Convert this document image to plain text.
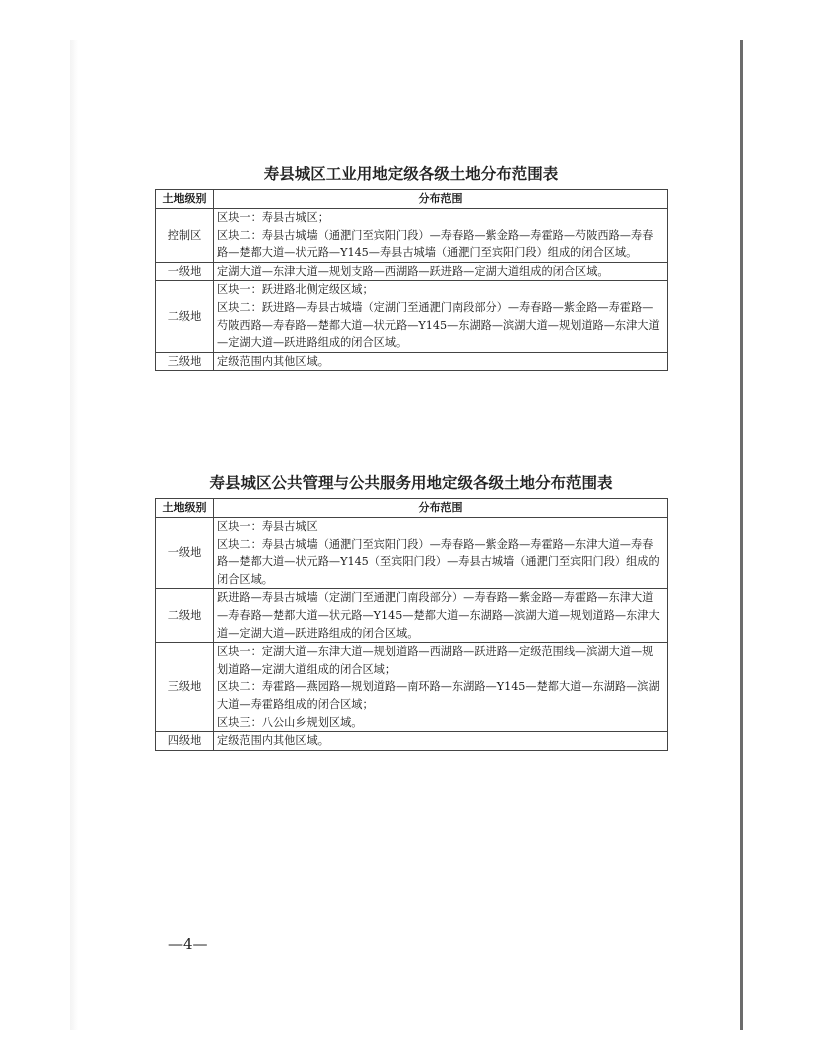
寿县城区工业用地定级各级土地分布范围表
土地级别	分布范围
控制区	区块一：寿县古城区；
区块二：寿县古城墙（通淝门至宾阳门段）—寿春路—紫金路—寿霍路—芍陂西路—寿春路—楚都大道—状元路—Y145—寿县古城墙（通淝门至宾阳门段）组成的闭合区域。

一级地	定湖大道—东津大道—规划支路—西湖路—跃进路—定湖大道组成的闭合区域。

二级地	区块一：跃进路北侧定级区域；
区块二：跃进路—寿县古城墙（定湖门至通淝门南段部分）—寿春路—紫金路—寿霍路—芍陂西路—寿春路—楚都大道—状元路—Y145—东湖路—滨湖大道—规划道路—东津大道—定湖大道—跃进路组成的闭合区域。

三级地	定级范围内其他区域。
寿县城区公共管理与公共服务用地定级各级土地分布范围表
土地级别	分布范围
一级地	区块一：寿县古城区
区块二：寿县古城墙（通淝门至宾阳门段）—寿春路—紫金路—寿霍路—东津大道—寿春路—楚都大道—状元路—Y145（至宾阳门段）—寿县古城墙（通淝门至宾阳门段）组成的闭合区域。

二级地	跃进路—寿县古城墙（定湖门至通淝门南段部分）—寿春路—紫金路—寿霍路—东津大道—寿春路—楚都大道—状元路—Y145—楚都大道—东湖路—滨湖大道—规划道路—东津大道—定湖大道—跃进路组成的闭合区域。

三级地	区块一：定湖大道—东津大道—规划道路—西湖路—跃进路—定级范围线—滨湖大道—规划道路—定湖大道组成的闭合区域；
区块二：寿霍路—燕园路—规划道路—南环路—东湖路—Y145—楚都大道—东湖路—滨湖大道—寿霍路组成的闭合区域；
区块三：八公山乡规划区域。

四级地	定级范围内其他区域。
—4—
